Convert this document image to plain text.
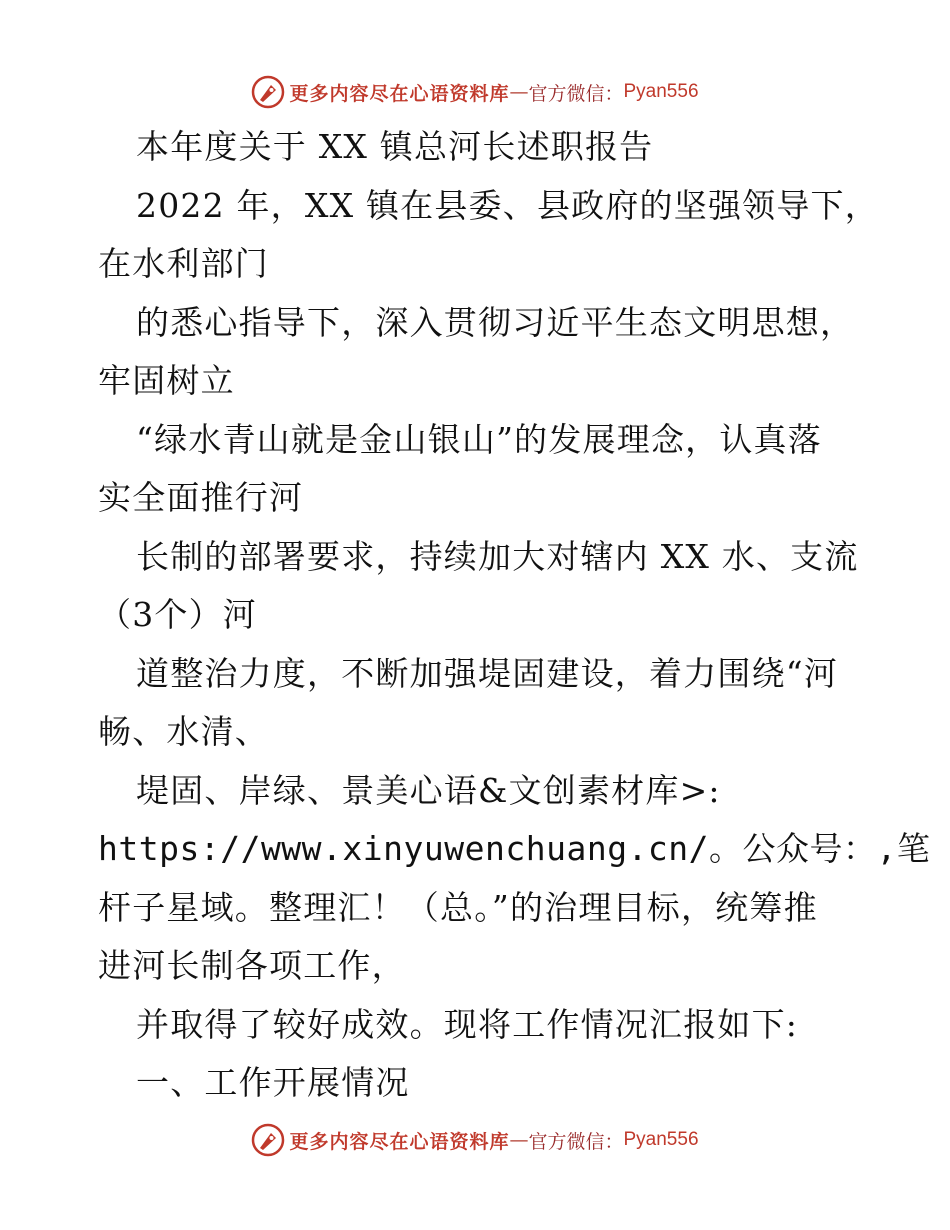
更多内容尽在心语资料库 — 官方微信： Pyan556
本年度关于 XX 镇总河长述职报告
2022 年，XX 镇在县委、县政府的坚强领导下，
在水利部门
的悉心指导下，深入贯彻习近平生态文明思想，
牢固树立
“绿水青山就是金山银山”的发展理念，认真落
实全面推行河
长制的部署要求，持续加大对辖内 XX 水、支流
（3个）河
道整治力度，不断加强堤固建设，着力围绕“河
畅、水清、
堤固、岸绿、景美心语&文创素材库>:
https://www.xinyuwenchuang.cn/。公众号：,笔
杆子星域。整理汇！（总。”的治理目标，统筹推
进河长制各项工作，
并取得了较好成效。现将工作情况汇报如下:
一、工作开展情况
更多内容尽在心语资料库 — 官方微信： Pyan556
